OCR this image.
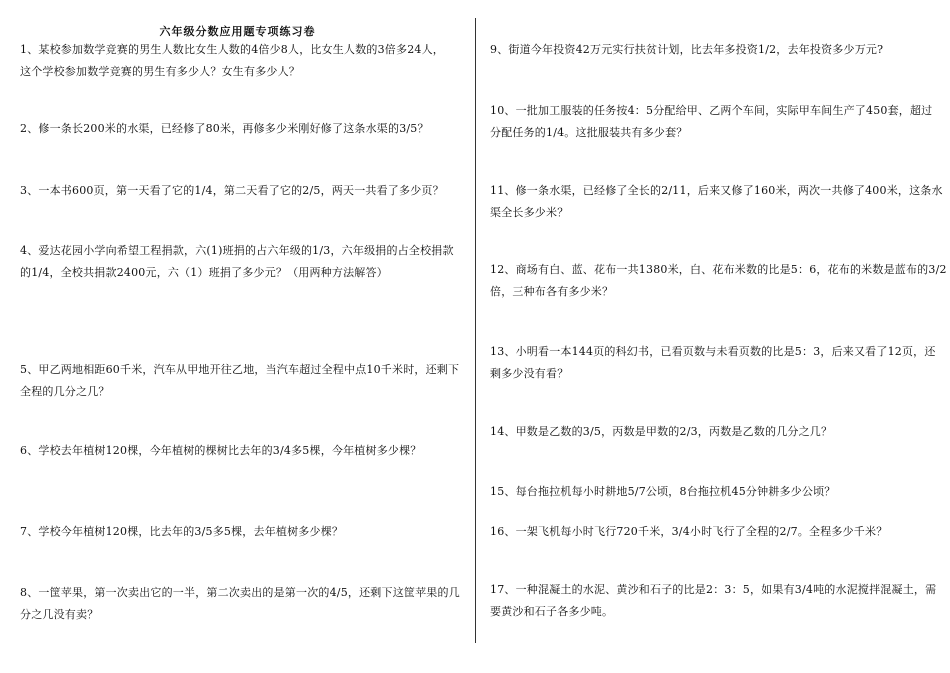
六年级分数应用题专项练习卷
1、某校参加数学竞赛的男生人数比女生人数的4倍少8人，比女生人数的3倍多24人，
这个学校参加数学竞赛的男生有多少人？女生有多少人？
2、修一条长200米的水渠，已经修了80米，再修多少米刚好修了这条水渠的3/5？
3、一本书600页，第一天看了它的1/4，第二天看了它的2/5，两天一共看了多少页？
4、爱达花园小学向希望工程捐款，六(1)班捐的占六年级的1/3，六年级捐的占全校捐款
的1/4，全校共捐款2400元，六（1）班捐了多少元？（用两种方法解答）
5、甲乙两地相距60千米，汽车从甲地开往乙地，当汽车超过全程中点10千米时，还剩下
全程的几分之几？
6、学校去年植树120棵，今年植树的棵树比去年的3/4多5棵，今年植树多少棵？
7、学校今年植树120棵，比去年的3/5多5棵，去年植树多少棵？
8、一筐苹果，第一次卖出它的一半，第二次卖出的是第一次的4/5，还剩下这筐苹果的几
分之几没有卖？
9、街道今年投资42万元实行扶贫计划，比去年多投资1/2，去年投资多少万元?
10、一批加工服装的任务按4：5分配给甲、乙两个车间，实际甲车间生产了450套，超过
分配任务的1/4。这批服装共有多少套？
11、修一条水渠，已经修了全长的2/11，后来又修了160米，两次一共修了400米，这条水
渠全长多少米？
12、商场有白、蓝、花布一共1380米，白、花布米数的比是5：6，花布的米数是蓝布的3/2
倍，三种布各有多少米？
13、小明看一本144页的科幻书，已看页数与未看页数的比是5：3，后来又看了12页，还
剩多少没有看？
14、甲数是乙数的3/5，丙数是甲数的2/3，丙数是乙数的几分之几？
15、每台拖拉机每小时耕地5/7公顷，8台拖拉机45分钟耕多少公顷？
16、一架飞机每小时飞行720千米，3/4小时飞行了全程的2/7。全程多少千米？
17、一种混凝土的水泥、黄沙和石子的比是2：3：5，如果有3/4吨的水泥搅拌混凝土，需
要黄沙和石子各多少吨。
